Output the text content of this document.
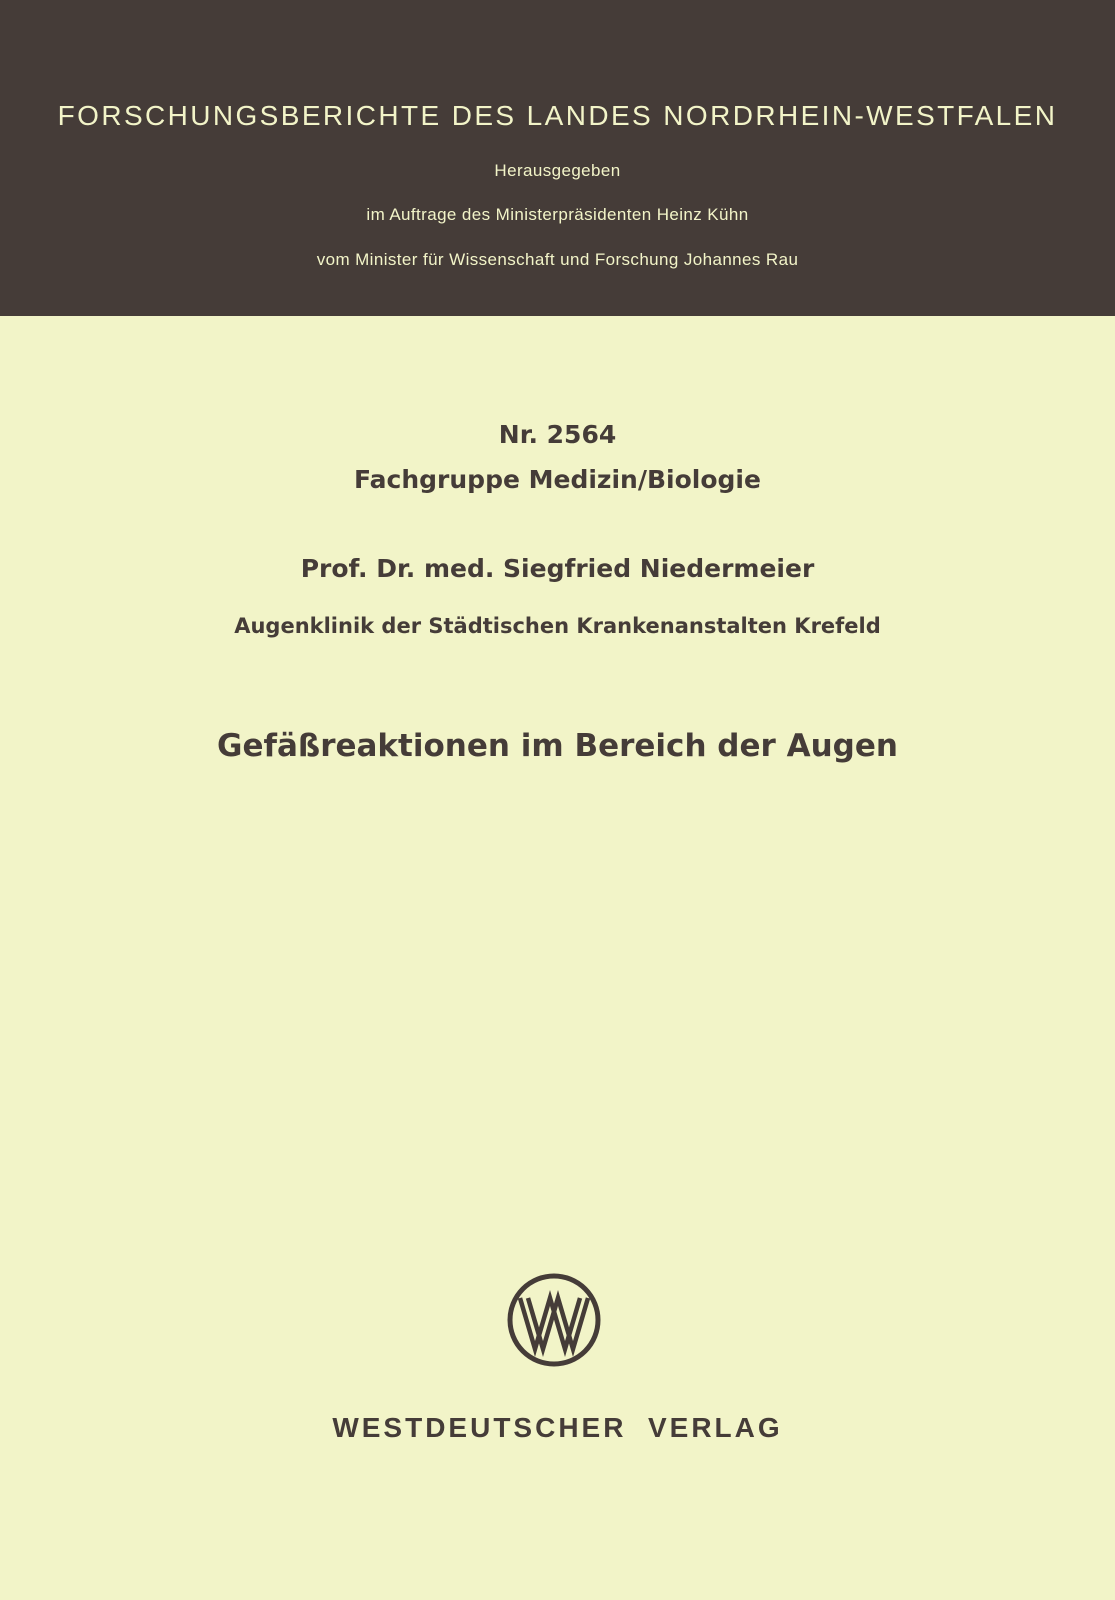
FORSCHUNGSBERICHTE DES LANDES NORDRHEIN-WESTFALEN
Herausgegeben
im Auftrage des Ministerpräsidenten Heinz Kühn
vom Minister für Wissenschaft und Forschung Johannes Rau
Nr. 2564
Fachgruppe Medizin/Biologie
Prof. Dr. med. Siegfried Niedermeier
Augenklinik der Städtischen Krankenanstalten Krefeld
Gefäßreaktionen im Bereich der Augen
WESTDEUTSCHER  VERLAG
